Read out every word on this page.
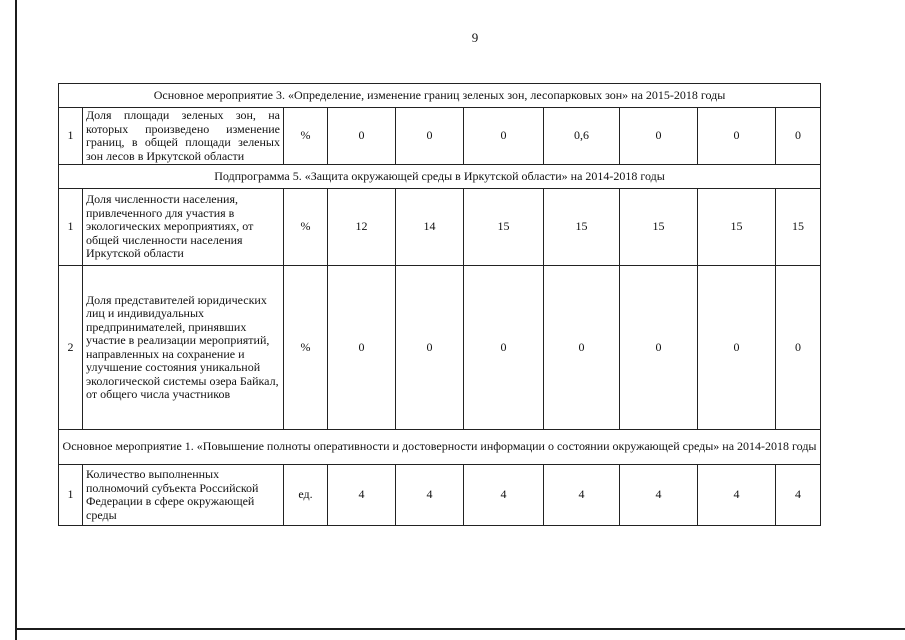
9
Основное мероприятие 3. «Определение, изменение границ зеленых зон, лесопарковых зон» на 2015-2018 годы									
1	Доля площади зеленых зон, на которых произведено изменение границ, в общей площади зеленых зон лесов в Иркутской области	%	0	0	0	0,6	0	0	0
Подпрограмма 5. «Защита окружающей среды в Иркутской области» на 2014-2018 годы									
1	Доля численности населения, привлеченного для участия в экологических мероприятиях, от общей численности населения Иркутской области	%	12	14	15	15	15	15	15
2	Доля представителей юридических лиц и индивидуальных предпринимателей, принявших участие в реализации мероприятий, направленных на сохранение и улучшение состояния уникальной экологической системы озера Байкал, от общего числа участников	%	0	0	0	0	0	0	0
Основное мероприятие 1. «Повышение полноты оперативности и достоверности информации о состоянии окружающей среды» на 2014-2018 годы									
1	Количество выполненных полномочий субъекта Российской Федерации в сфере окружающей среды	ед.	4	4	4	4	4	4	4
